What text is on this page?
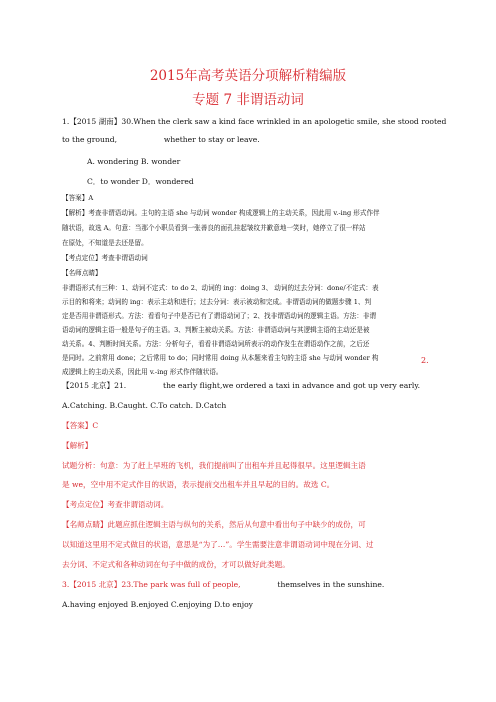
2015年高考英语分项解析精编版
专题 7 非谓语动词
1.【2015 湖南】30.When the clerk saw a kind face wrinkled in an apologetic smile, she stood rooted
to the ground,	whether to stay or leave.
A. wondering B. wonder
C．to wonder D．wondered
【答案】A
【解析】考查非谓语动词。主句的主语 she 与动词 wonder 构成逻辑上的主动关系，因此用 v.-ing 形式作伴
随状语，故选 A。句意：当那个小职员看到一张善良的面孔挂起皱纹并歉意地一笑时，她停立了很一样站
在原处，不知道是去还是留。
【考点定位】考查非谓语动词
【名师点睛】
非谓语形式有三种：1、动词不定式：to do 2、动词的 ing：doing 3、 动词的过去分词：done/不定式：表
示目的和将来；动词的 ing：表示主动和进行；过去分词：表示被动和完成。非谓语动词的做题步骤 1、判
定是否用非谓语形式。方法：看看句子中是否已有了谓语动词了；2、找非谓语动词的逻辑主语。方法：非谓
语动词的逻辑主语一般是句子的主语。3、判断主被动关系。方法：非谓语动词与其逻辑主语的主动还是被
动关系。4、判断时间关系。方法：分析句子，看看非谓语动词所表示的动作发生在谓语动作之前，之后还
是同时。之前常用 done；之后常用 to do；同时常用 doing 从本题来看主句的主语 she 与动词 wonder 构
成逻辑上的主动关系，因此用 v.-ing 形式作伴随状语。
2.
【2015 北京】21.	the early flight,we ordered a taxi in advance and got up very early.
A.Catching. B.Caught. C.To catch. D.Catch
【答案】C
【解析】
试题分析：句意：为了赶上早班的飞机，我们提前叫了出租车并且起得很早。这里逻辑主语
是 we，空中用不定式作目的状语，表示提前交出租车并且早起的目的。故选 C。
【考点定位】考查非谓语动词。
【名师点睛】此题应抓住逻辑主语与纵句的关系，然后从句意中看出句子中缺少的成份，可
以知道这里用不定式做目的状语，意思是“为了…”。学生需要注意非谓语动词中现在分词、过
去分词、不定式和各种动词在句子中做的成份，才可以做好此类题。
3.【2015 北京】23.The park was full of people,	themselves in the sunshine.
A.having enjoyed B.enjoyed C.enjoying D.to enjoy
